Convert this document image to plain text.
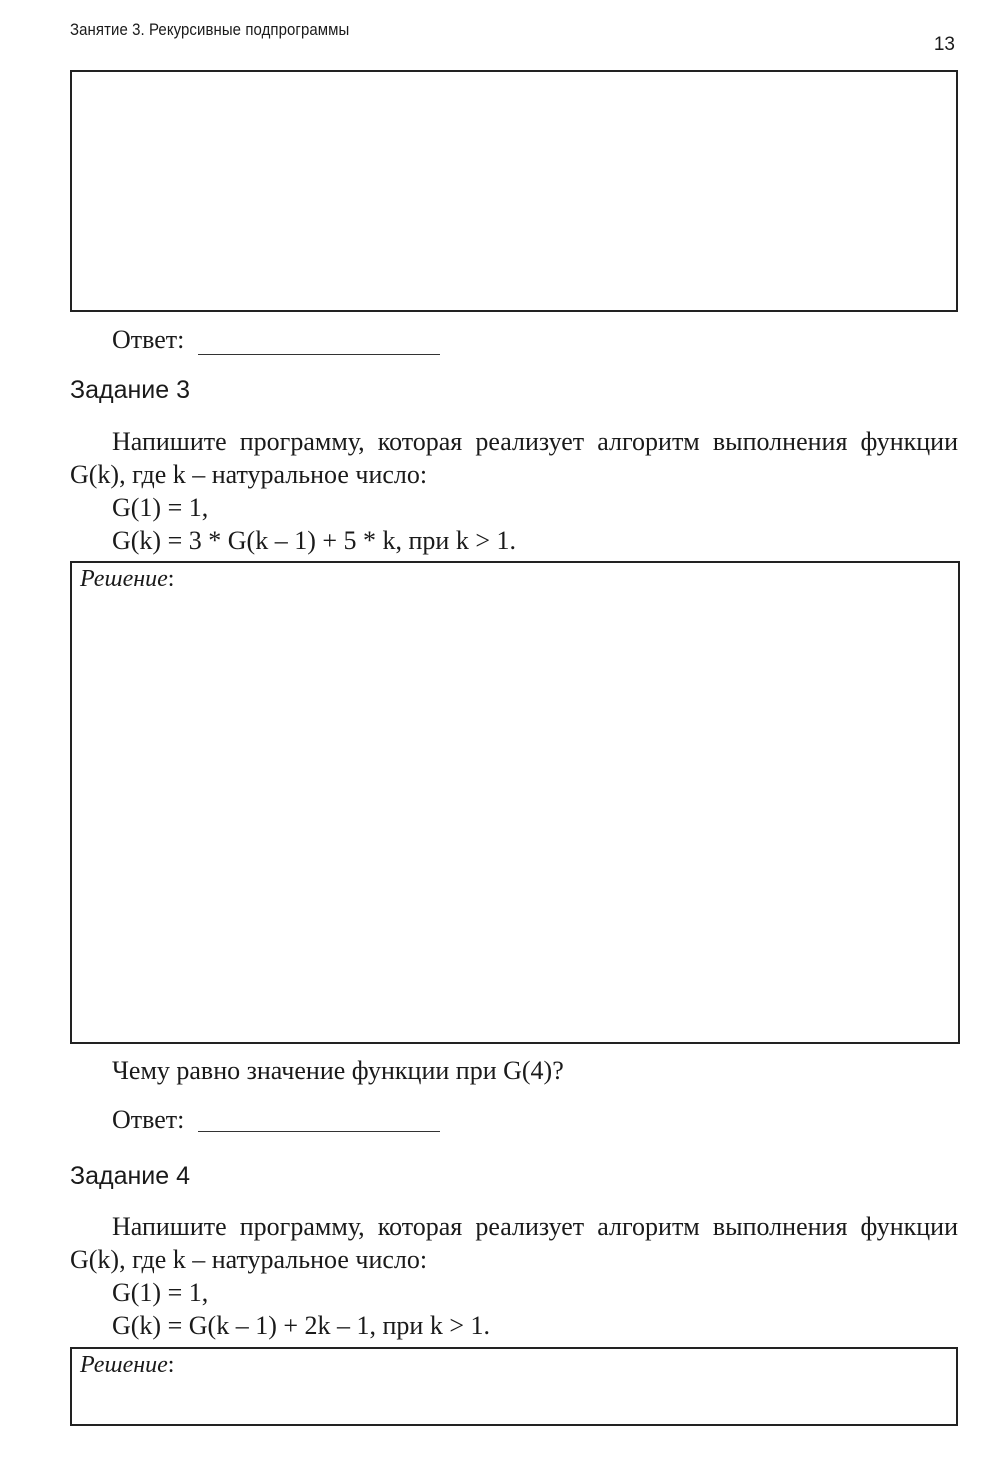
Занятие 3. Рекурсивные подпрограммы
13
Ответ:
Задание 3
Напишите программу, которая реализует алгоритм выполнения функции G(k), где k – натуральное число:
G(1) = 1,
G(k) = 3 * G(k – 1) + 5 * k, при k > 1.
Решение:
Чему равно значение функции при G(4)?
Ответ:
Задание 4
Напишите программу, которая реализует алгоритм выполнения функции G(k), где k – натуральное число:
G(1) = 1,
G(k) = G(k – 1) + 2k – 1, при k > 1.
Решение:
